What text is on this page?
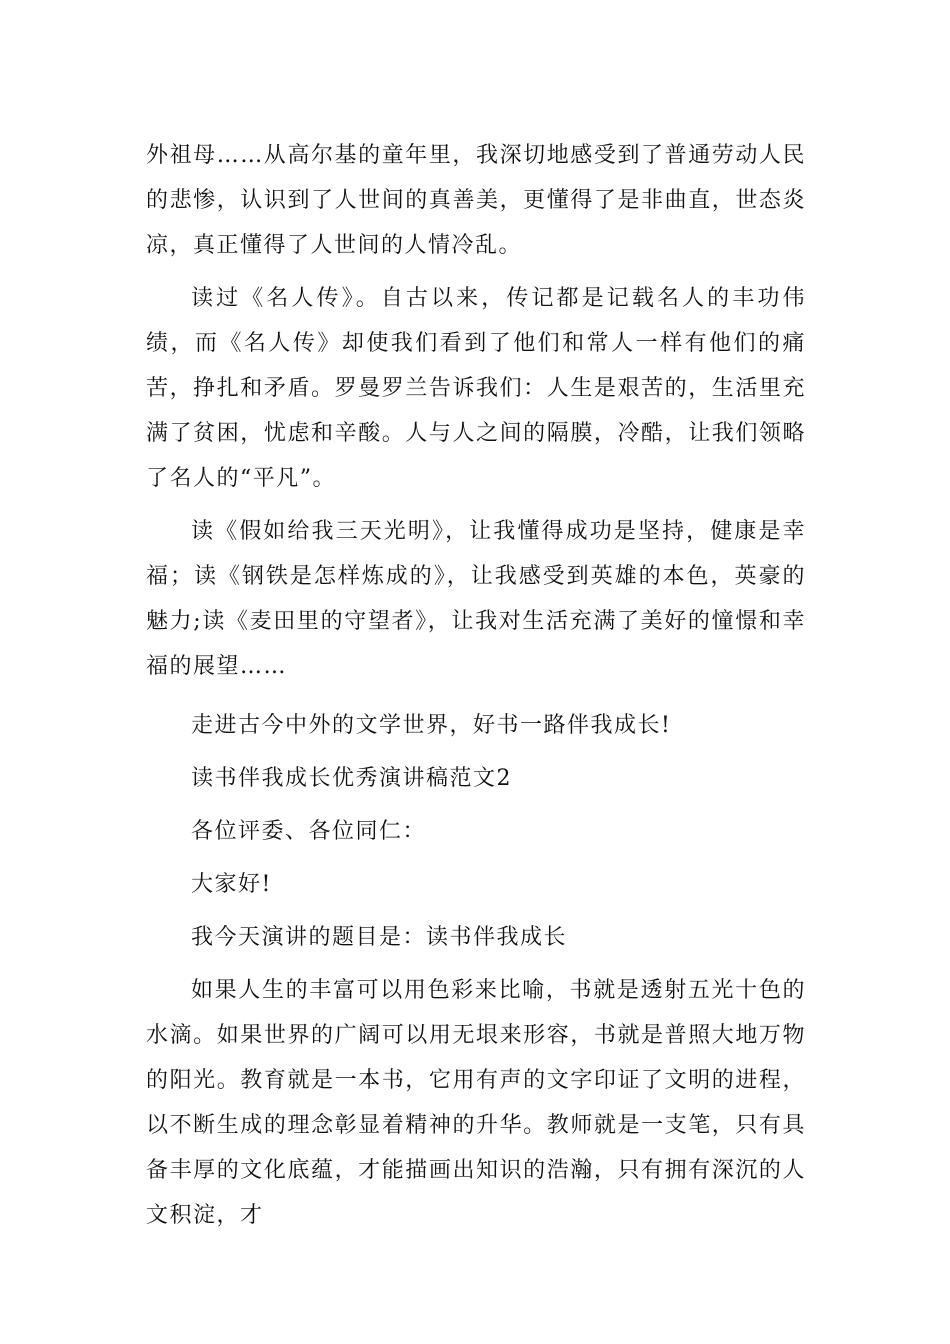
外祖母……从高尔基的童年里，我深切地感受到了普通劳动人民的悲惨，认识到了人世间的真善美，更懂得了是非曲直，世态炎凉，真正懂得了人世间的人情冷乱。

读过《名人传》。自古以来，传记都是记载名人的丰功伟绩，而《名人传》却使我们看到了他们和常人一样有他们的痛苦，挣扎和矛盾。罗曼罗兰告诉我们：人生是艰苦的，生活里充满了贫困，忧虑和辛酸。人与人之间的隔膜，冷酷，让我们领略了名人的“平凡”。

读《假如给我三天光明》，让我懂得成功是坚持，健康是幸福；读《钢铁是怎样炼成的》，让我感受到英雄的本色，英豪的魅力;读《麦田里的守望者》，让我对生活充满了美好的憧憬和幸福的展望……

走进古今中外的文学世界，好书一路伴我成长!

读书伴我成长优秀演讲稿范文2

各位评委、各位同仁：

大家好!

我今天演讲的题目是：读书伴我成长

如果人生的丰富可以用色彩来比喻，书就是透射五光十色的水滴。如果世界的广阔可以用无垠来形容，书就是普照大地万物的阳光。教育就是一本书，它用有声的文字印证了文明的进程，以不断生成的理念彰显着精神的升华。教师就是一支笔，只有具备丰厚的文化底蕴，才能描画出知识的浩瀚，只有拥有深沉的人文积淀，才
